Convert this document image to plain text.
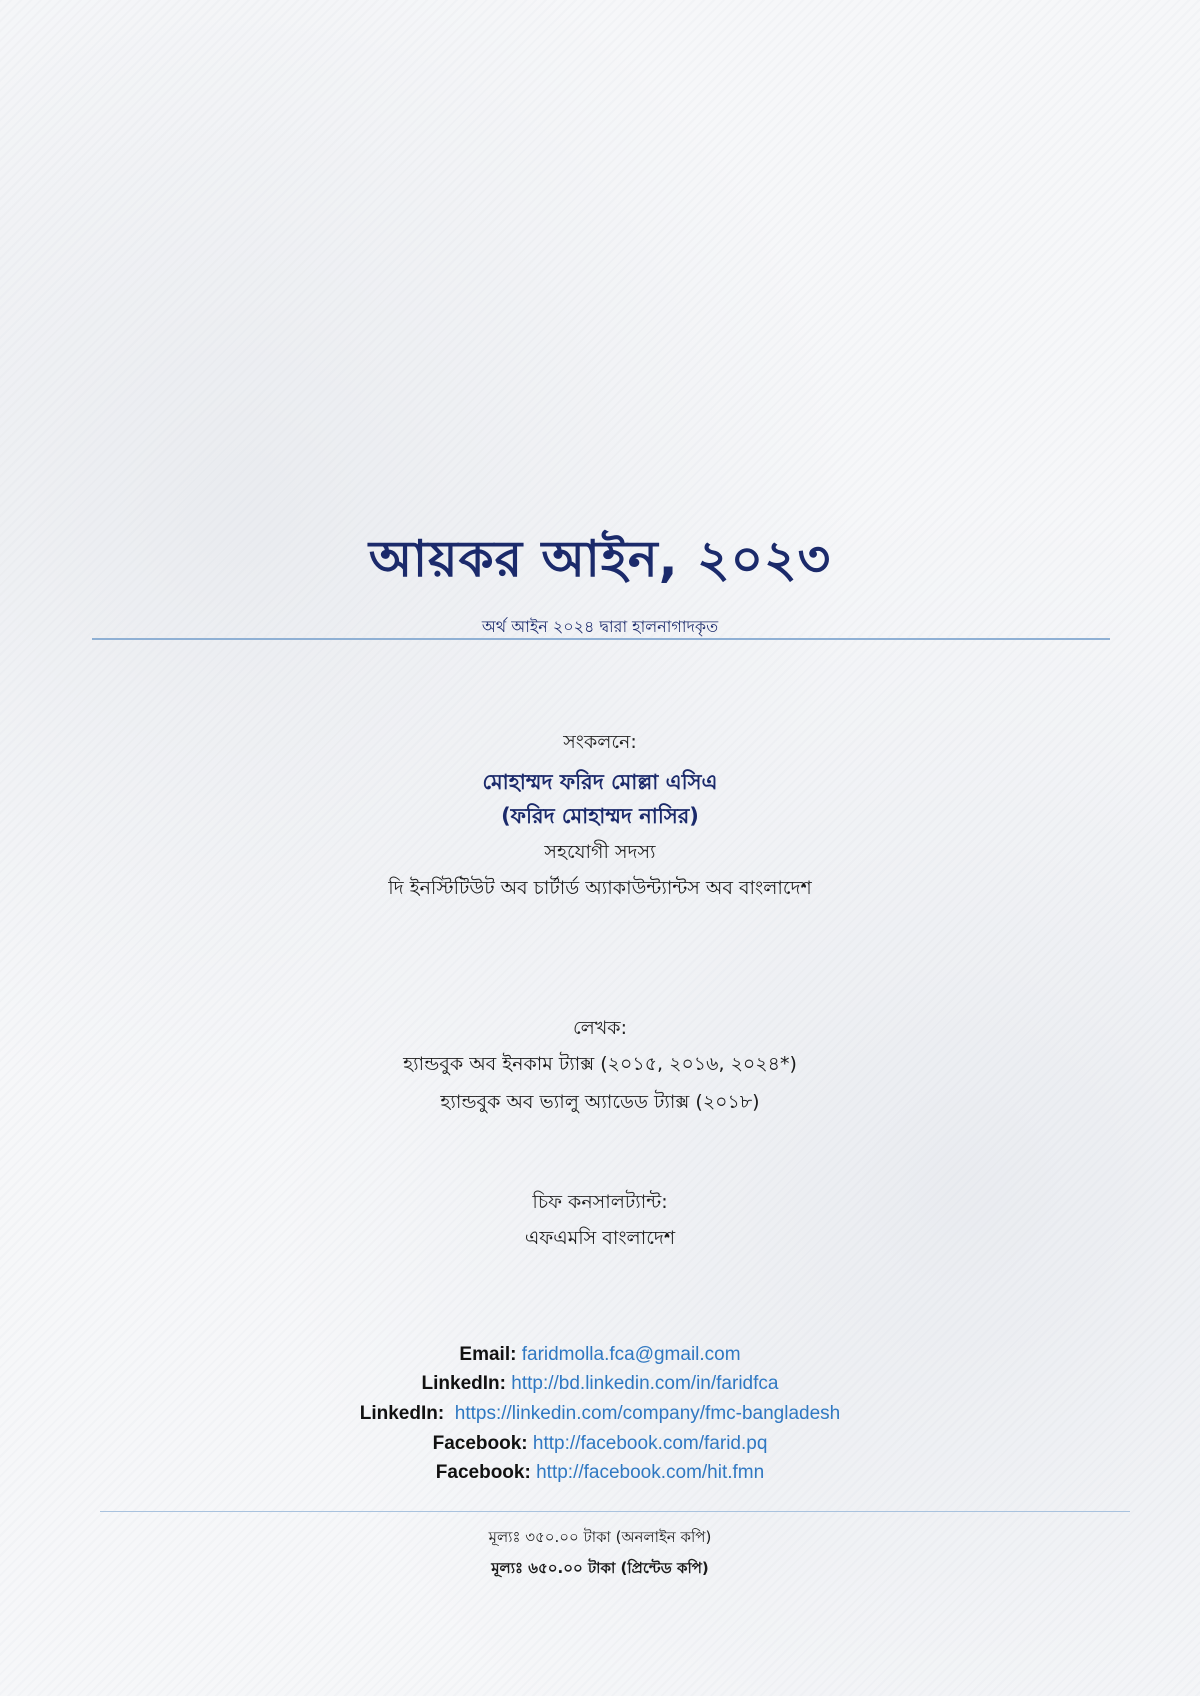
আয়কর আইন, ২০২৩
অর্থ আইন ২০২৪ দ্বারা হালনাগাদকৃত
সংকলনে:
মোহাম্মদ ফরিদ মোল্লা এসিএ
(ফরিদ মোহাম্মদ নাসির)
সহযোগী সদস্য
দি ইনস্টিটিউট অব চার্টার্ড অ্যাকাউন্ট্যান্টস অব বাংলাদেশ
লেখক:
হ্যান্ডবুক অব ইনকাম ট্যাক্স (২০১৫, ২০১৬, ২০২৪*)
হ্যান্ডবুক অব ভ্যালু অ্যাডেড ট্যাক্স (২০১৮)
চিফ কনসালট্যান্ট:
এফএমসি বাংলাদেশ
Email: faridmolla.fca@gmail.com
LinkedIn: http://bd.linkedin.com/in/faridfca
LinkedIn:  https://linkedin.com/company/fmc-bangladesh
Facebook: http://facebook.com/farid.pq
Facebook: http://facebook.com/hit.fmn
মূল্যঃ ৩৫০.০০ টাকা (অনলাইন কপি)
মূল্যঃ ৬৫০.০০ টাকা (প্রিন্টেড কপি)
